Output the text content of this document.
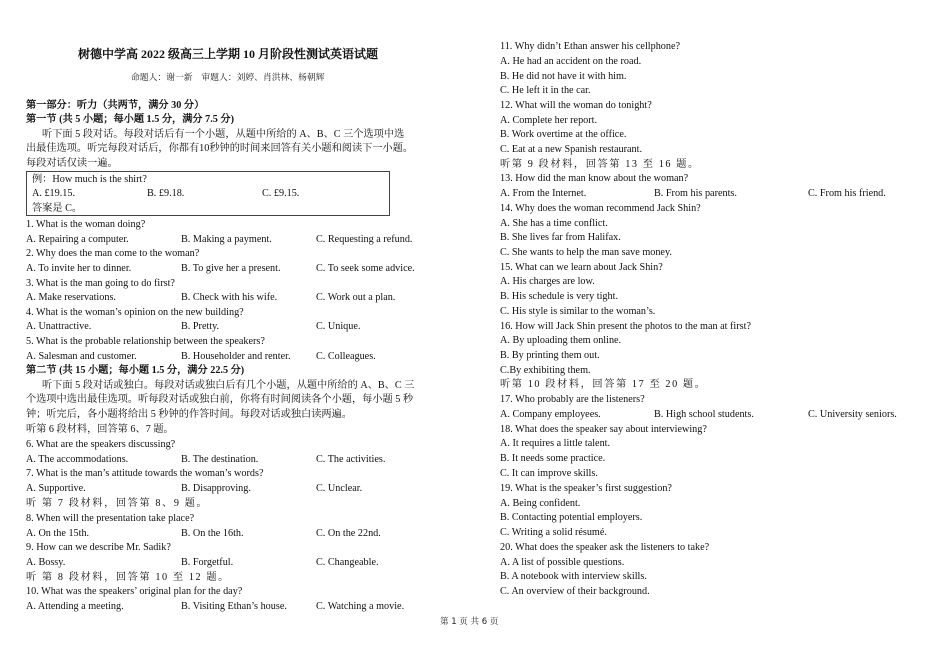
树德中学高 2022 级高三上学期 10 月阶段性测试英语试题
命题人：谢一新　审题人：刘婷、肖洪林、杨朝辉
第一部分：听力（共两节，满分 30 分）
第一节 (共 5 小题；每小题 1.5 分，满分 7.5 分)
听下面 5 段对话。每段对话后有一个小题，从题中所给的 A、B、C 三个选项中选
出最佳选项。听完每段对话后，你都有10秒钟的时间来回答有关小题和阅读下一小题。
每段对话仅读一遍。
例：How much is the shirt?
A. £19.15.	B. £9.18.	C. £9.15.
答案是 C。
1. What is the woman doing?
A. Repairing a computer.	B. Making a payment.	C. Requesting a refund.
2. Why does the man come to the woman?
A. To invite her to dinner.	B. To give her a present.	C. To seek some advice.
3. What is the man going to do first?
A. Make reservations.	B. Check with his wife.	C. Work out a plan.
4. What is the woman’s opinion on the new building?
A. Unattractive.	B. Pretty.	C. Unique.
5. What is the probable relationship between the speakers?
A. Salesman and customer.	B. Householder and renter.	C. Colleagues.
第二节 (共 15 小题；每小题 1.5 分，满分 22.5 分)
听下面 5 段对话或独白。每段对话或独白后有几个小题，从题中所给的 A、B、C 三
个选项中选出最佳选项。听每段对话或独白前，你将有时间阅读各个小题，每小题 5 秒
钟；听完后，各小题将给出 5 秒钟的作答时间。每段对话或独白读两遍。
听第 6 段材料，回答第 6、7 题。
6. What are the speakers discussing?
A. The accommodations.	B. The destination.	C. The activities.
7. What is the man’s attitude towards the woman’s words?
A. Supportive.	B. Disapproving.	C. Unclear.
听 第 7 段材料，回答第 8、9 题。
8. When will the presentation take place?
A. On the 15th.	B. On the 16th.	C. On the 22nd.
9. How can we describe Mr. Sadik?
A. Bossy.	B. Forgetful.	C. Changeable.
听 第 8 段材料，回答第 10 至 12 题。
10. What was the speakers’ original plan for the day?
A. Attending a meeting.	B. Visiting Ethan’s house.	C. Watching a movie.
11. Why didn’t Ethan answer his cellphone?
A. He had an accident on the road.
B. He did not have it with him.
C. He left it in the car.
12. What will the woman do tonight?
A. Complete her report.
B. Work overtime at the office.
C. Eat at a new Spanish restaurant.
听第 9 段材料，回答第 13 至 16 题。
13. How did the man know about the woman?
A. From the Internet.	B. From his parents.	C. From his friend.
14. Why does the woman recommend Jack Shin?
A. She has a time conflict.
B. She lives far from Halifax.
C. She wants to help the man save money.
15. What can we learn about Jack Shin?
A. His charges are low.
B. His schedule is very tight.
C. His style is similar to the woman’s.
16. How will Jack Shin present the photos to the man at first?
A. By uploading them online.
B. By printing them out.
C.By exhibiting them.
听第 10 段材料，回答第 17 至 20 题。
17. Who probably are the listeners?
A. Company employees.	B. High school students.	C. University seniors.
18. What does the speaker say about interviewing?
A. It requires a little talent.
B. It needs some practice.
C. It can improve skills.
19. What is the speaker’s first suggestion?
A. Being confident.
B. Contacting potential employers.
C. Writing a solid résumé.
20. What does the speaker ask the listeners to take?
A. A list of possible questions.
B. A notebook with interview skills.
C. An overview of their background.
第 1 页 共 6 页
